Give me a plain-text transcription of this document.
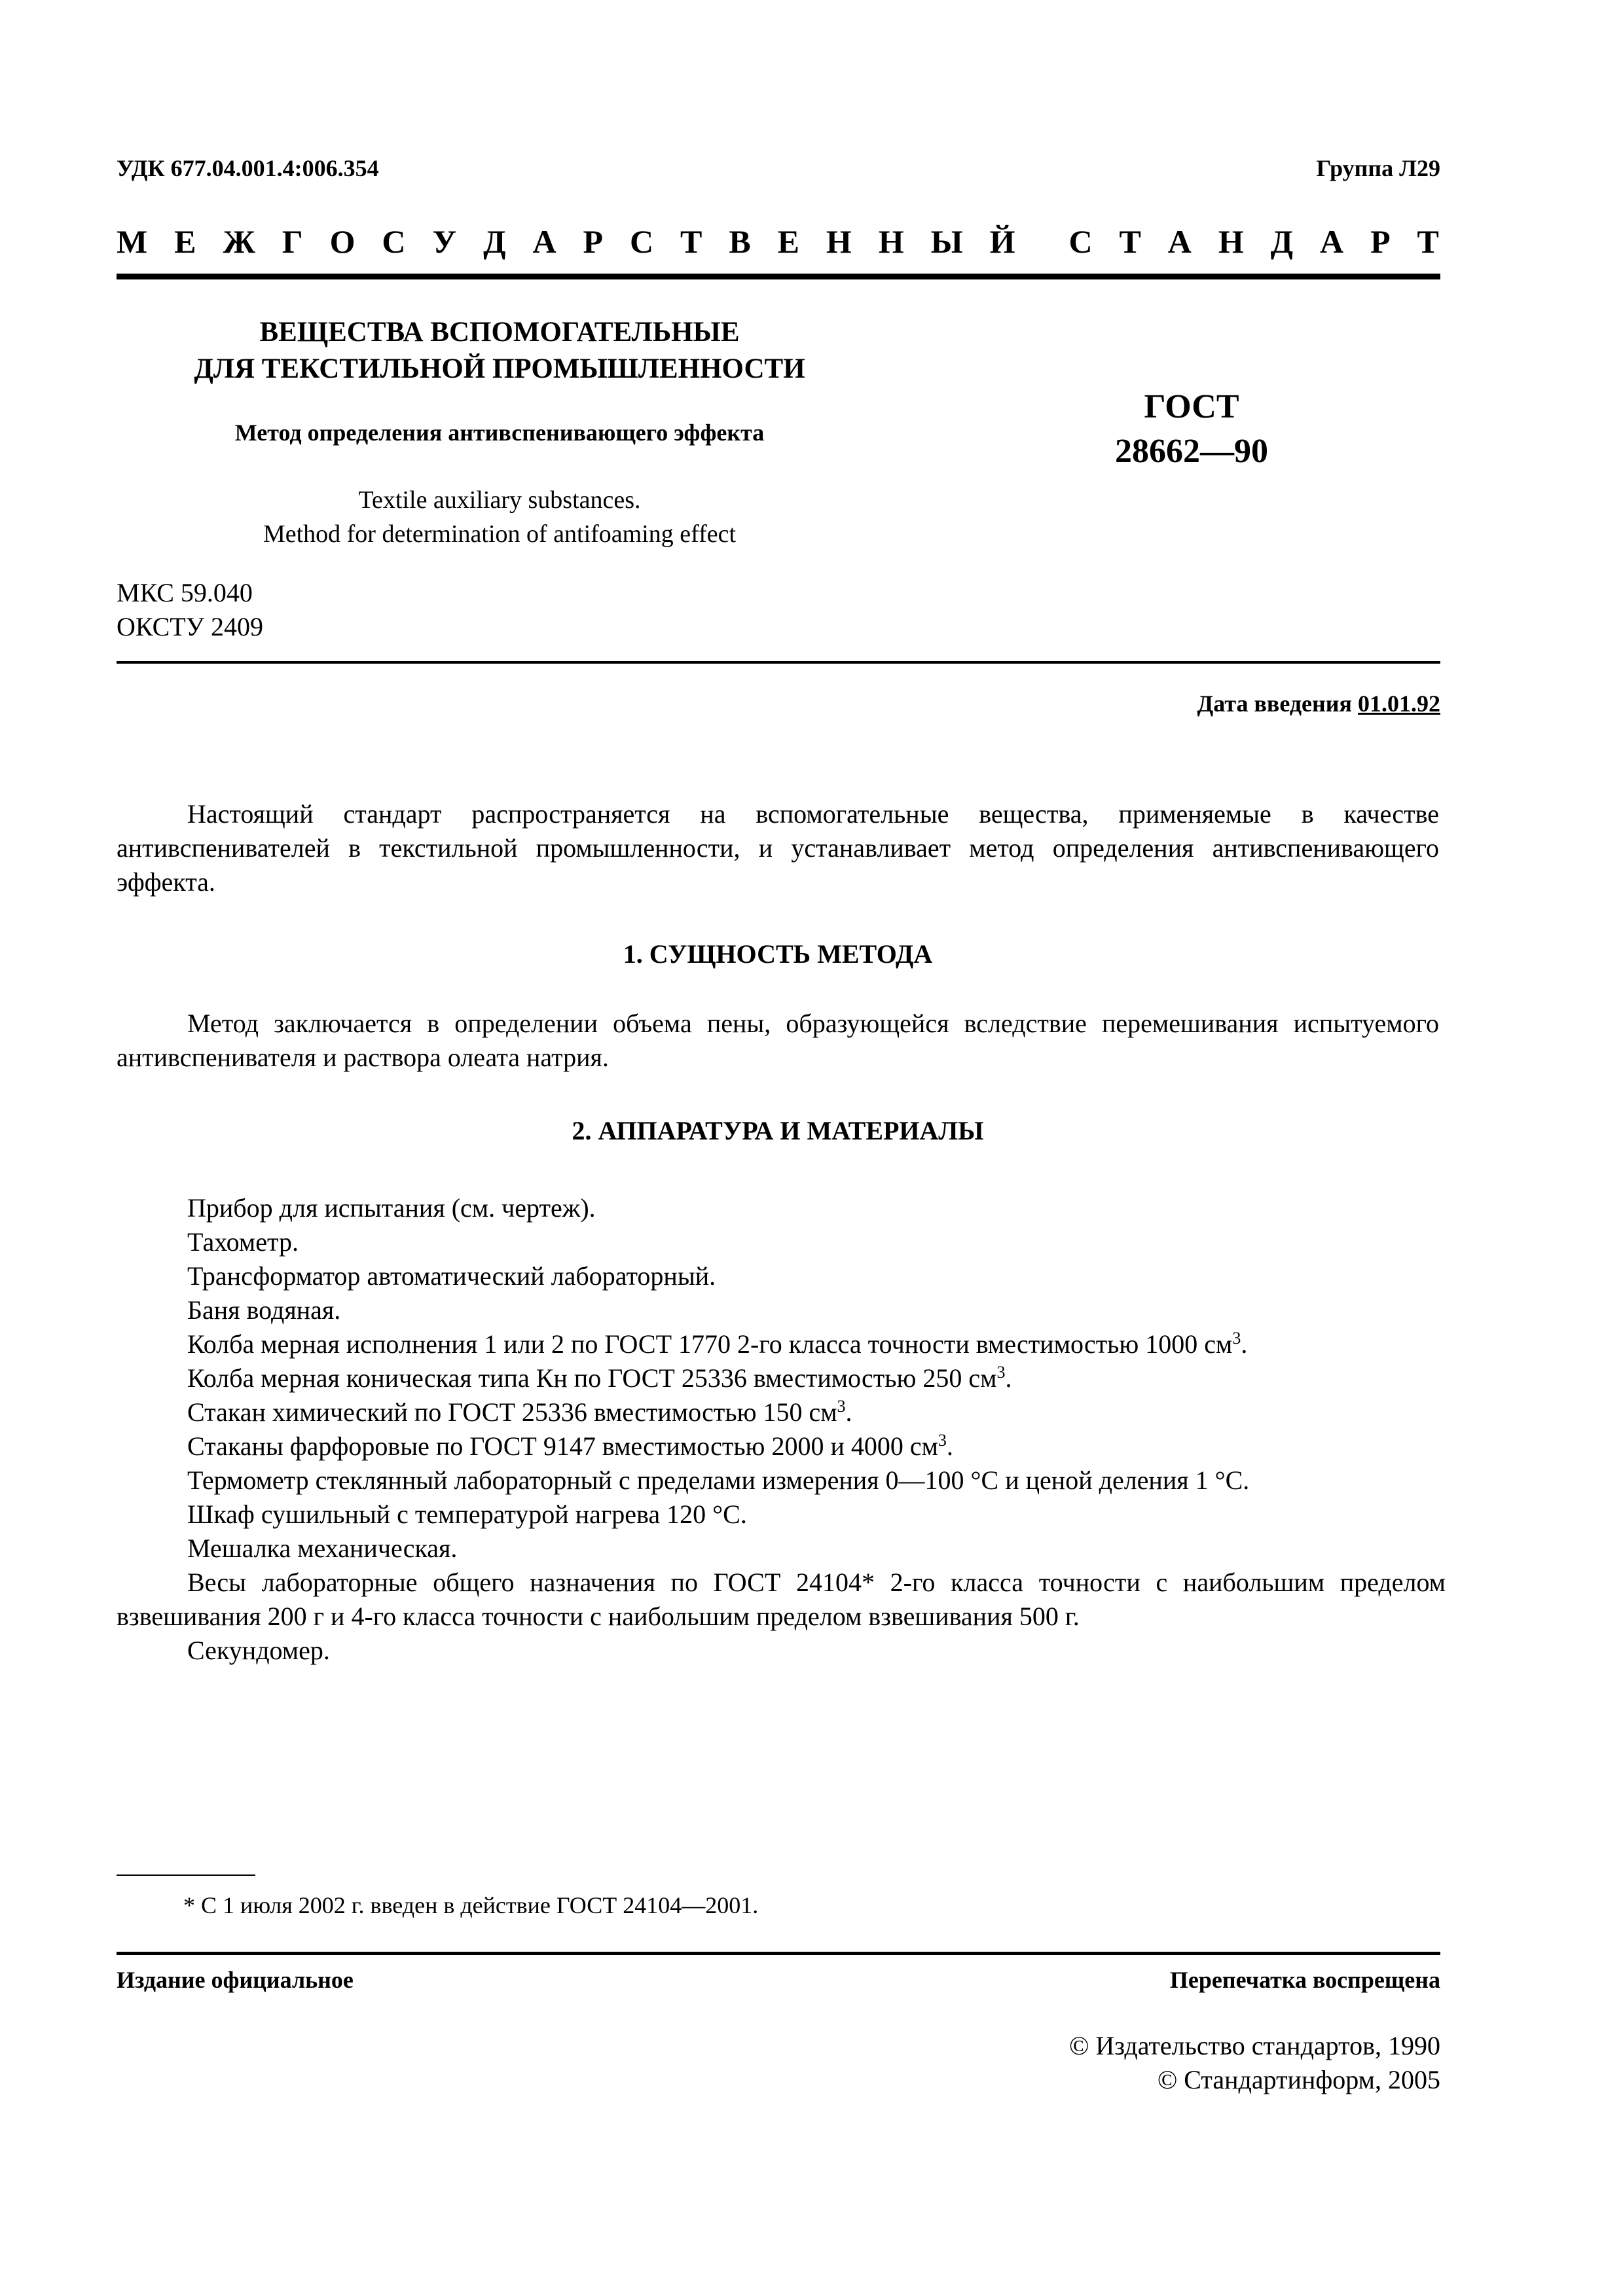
УДК 677.04.001.4:006.354	Группа Л29
М Е Ж Г О С У Д А Р С Т В Е Н Н Ы Й С Т А Н Д А Р Т
ВЕЩЕСТВА ВСПОМОГАТЕЛЬНЫЕ
ДЛЯ ТЕКСТИЛЬНОЙ ПРОМЫШЛЕННОСТИ
Метод определения антивспенивающего эффекта
Textile auxiliary substances.
Method for determination of antifoaming effect
ГОСТ
28662—90
МКС 59.040
ОКСТУ 2409
Дата введения 01.01.92
Настоящий стандарт распространяется на вспомогательные вещества, применяемые в качестве антивспенивателей в текстильной промышленности, и устанавливает метод определения антивспенивающего эффекта.
1. СУЩНОСТЬ МЕТОДА
Метод заключается в определении объема пены, образующейся вследствие перемешивания испытуемого антивспенивателя и раствора олеата натрия.
2. АППАРАТУРА И МАТЕРИАЛЫ
Прибор для испытания (см. чертеж).
Тахометр.
Трансформатор автоматический лабораторный.
Баня водяная.
Колба мерная исполнения 1 или 2 по ГОСТ 1770 2-го класса точности вместимостью 1000 $см^3$.
Колба мерная коническая типа Кн по ГОСТ 25336 вместимостью 250 $см^3$.
Стакан химический по ГОСТ 25336 вместимостью 150 $см^3$.
Стаканы фарфоровые по ГОСТ 9147 вместимостью 2000 и 4000 $см^3$.
Термометр стеклянный лабораторный с пределами измерения 0—100 °С и ценой деления 1 °С.
Шкаф сушильный с температурой нагрева 120 °С.
Мешалка механическая.
Весы лабораторные общего назначения по ГОСТ 24104* 2-го класса точности с наибольшим пределом взвешивания 200 г и 4-го класса точности с наибольшим пределом взвешивания 500 г.
Секундомер.
* С 1 июля 2002 г. введен в действие ГОСТ 24104—2001.
Издание официальное	Перепечатка воспрещена
© Издательство стандартов, 1990
© Стандартинформ, 2005
